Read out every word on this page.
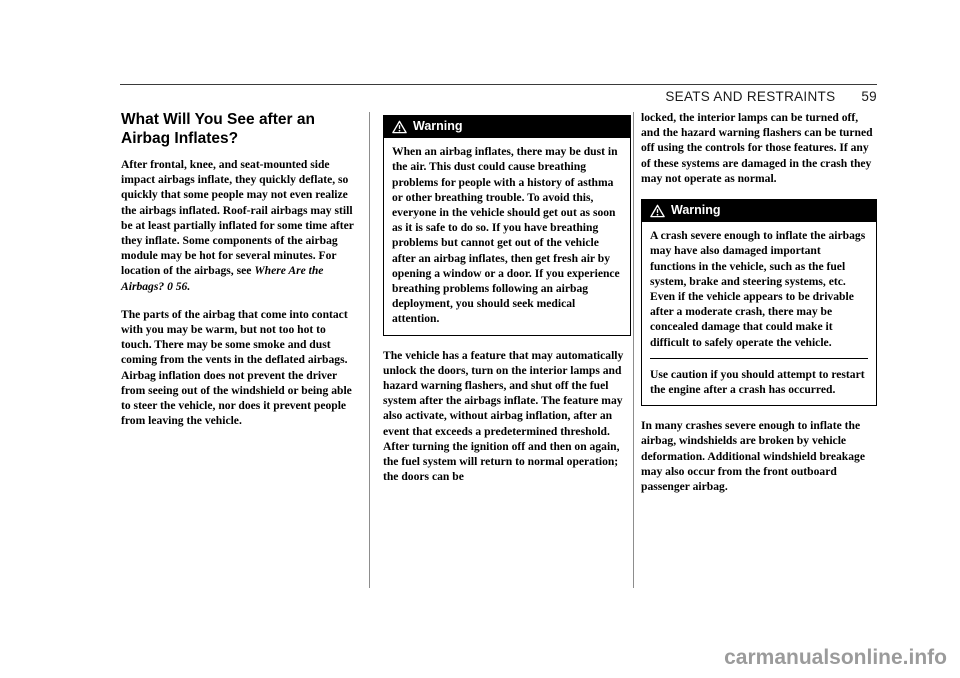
SEATS AND RESTRAINTS 59
What Will You See after an Airbag Inflates?

After frontal, knee, and seat-mounted side impact airbags inflate, they quickly deflate, so quickly that some people may not even realize the airbags inflated. Roof-rail airbags may still be at least partially inflated for some time after they inflate. Some components of the airbag module may be hot for several minutes. For location of the airbags, see Where Are the Airbags? 0 56.

The parts of the airbag that come into contact with you may be warm, but not too hot to touch. There may be some smoke and dust coming from the vents in the deflated airbags. Airbag inflation does not prevent the driver from seeing out of the windshield or being able to steer the vehicle, nor does it prevent people from leaving the vehicle.

Warning

When an airbag inflates, there may be dust in the air. This dust could cause breathing problems for people with a history of asthma or other breathing trouble. To avoid this, everyone in the vehicle should get out as soon as it is safe to do so. If you have breathing problems but cannot get out of the vehicle after an airbag inflates, then get fresh air by opening a window or a door. If you experience breathing problems following an airbag deployment, you should seek medical attention.

The vehicle has a feature that may automatically unlock the doors, turn on the interior lamps and hazard warning flashers, and shut off the fuel system after the airbags inflate. The feature may also activate, without airbag inflation, after an event that exceeds a predetermined threshold. After turning the ignition off and then on again, the fuel system will return to normal operation; the doors can be

locked, the interior lamps can be turned off, and the hazard warning flashers can be turned off using the controls for those features. If any of these systems are damaged in the crash they may not operate as normal.

Warning

A crash severe enough to inflate the airbags may have also damaged important functions in the vehicle, such as the fuel system, brake and steering systems, etc. Even if the vehicle appears to be drivable after a moderate crash, there may be concealed damage that could make it difficult to safely operate the vehicle.

Use caution if you should attempt to restart the engine after a crash has occurred.

In many crashes severe enough to inflate the airbag, windshields are broken by vehicle deformation. Additional windshield breakage may also occur from the front outboard passenger airbag.

carmanualsonline.info
